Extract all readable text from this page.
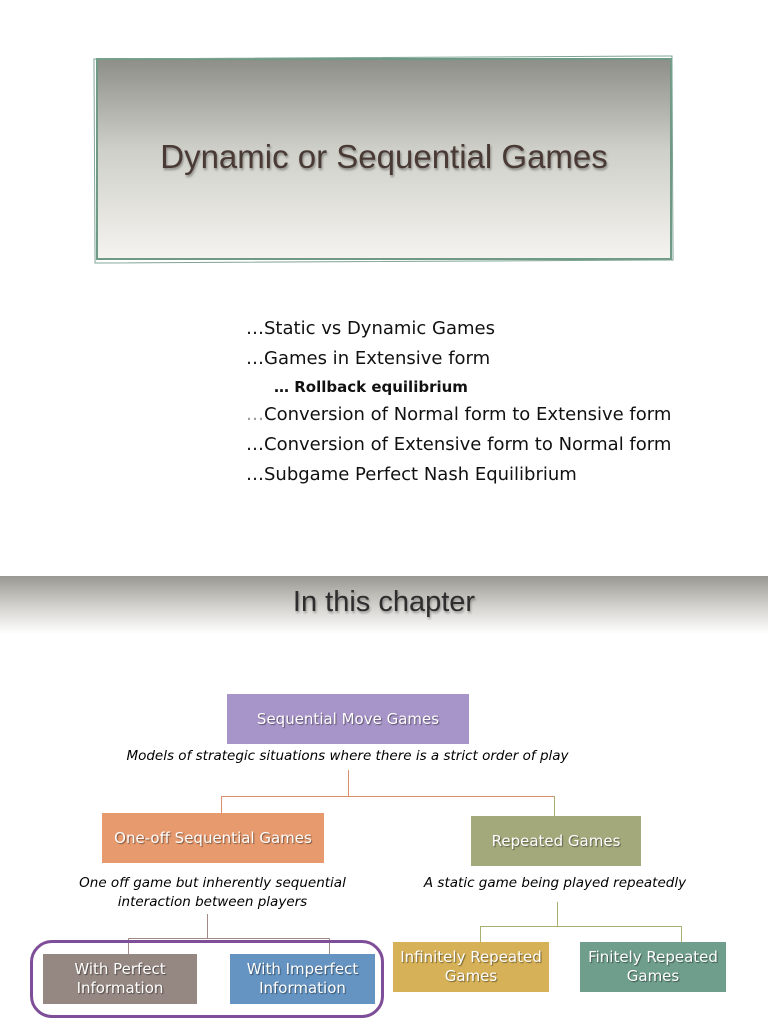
Dynamic or Sequential Games
…Static vs Dynamic Games
…Games in Extensive form
… Rollback equilibrium
…Conversion of Normal form to Extensive form
…Conversion of Extensive form to Normal form
…Subgame Perfect Nash Equilibrium
In this chapter
Sequential Move Games
Models of strategic situations where there is a strict order of play
One-off Sequential Games	Repeated Games
One off game but inherently sequential
interaction between players
A static game being played repeatedly
With Perfect
Information
With Imperfect
Information
Infinitely Repeated
Games
Finitely Repeated
Games
